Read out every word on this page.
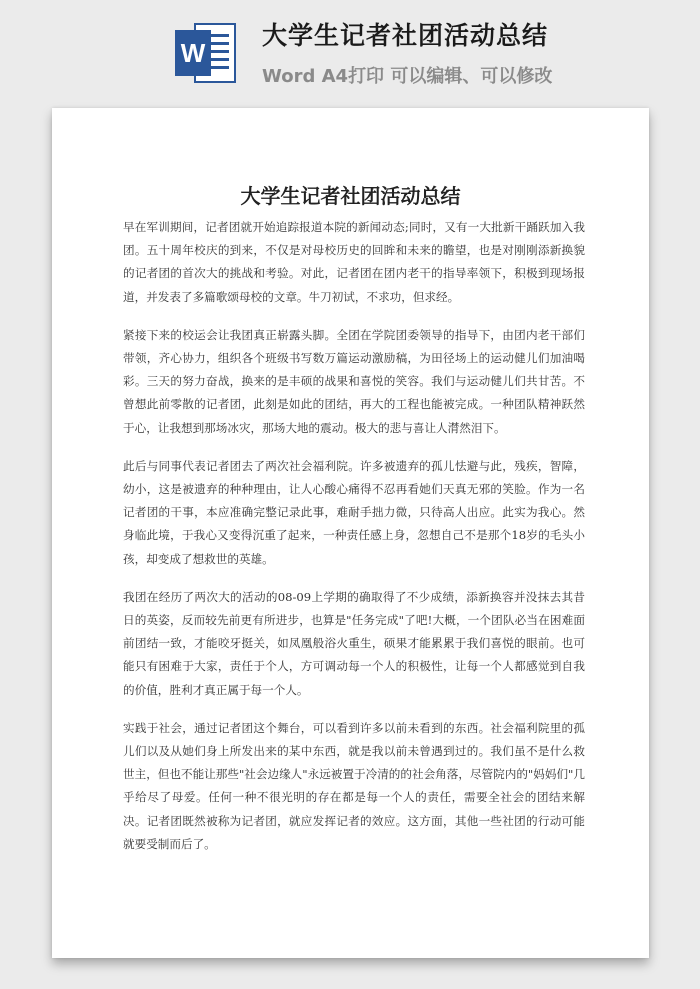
W
大学生记者社团活动总结
Word A4打印 可以编辑、可以修改
大学生记者社团活动总结

早在军训期间，记者团就开始追踪报道本院的新闻动态;同时，又有一大批新干踊跃加入我团。五十周年校庆的到来，不仅是对母校历史的回眸和未来的瞻望，也是对刚刚添新换貌的记者团的首次大的挑战和考验。对此，记者团在团内老干的指导率领下，积极到现场报道，并发表了多篇歌颂母校的文章。牛刀初试，不求功，但求经。

紧接下来的校运会让我团真正崭露头脚。全团在学院团委领导的指导下，由团内老干部们带领，齐心协力，组织各个班级书写数万篇运动激励稿，为田径场上的运动健儿们加油喝彩。三天的努力奋战，换来的是丰硕的战果和喜悦的笑容。我们与运动健儿们共甘苦。不曾想此前零散的记者团，此刻是如此的团结，再大的工程也能被完成。一种团队精神跃然于心，让我想到那场冰灾，那场大地的震动。极大的悲与喜让人潸然泪下。

此后与同事代表记者团去了两次社会福利院。许多被遗弃的孤儿怯避与此，残疾，智障，幼小，这是被遗弃的种种理由，让人心酸心痛得不忍再看她们天真无邪的笑脸。作为一名记者团的干事，本应准确完整记录此事，难耐手拙力微，只待高人出应。此实为我心。然身临此境，于我心又变得沉重了起来，一种责任感上身，忽想自己不是那个18岁的毛头小孩，却变成了想救世的英雄。

我团在经历了两次大的活动的08-09上学期的确取得了不少成绩，添新换容并没抹去其昔日的英姿，反而较先前更有所进步，也算是"任务完成"了吧!大概，一个团队必当在困难面前团结一致，才能咬牙挺关，如凤凰般浴火重生，硕果才能累累于我们喜悦的眼前。也可能只有困难于大家，责任于个人，方可调动每一个人的积极性，让每一个人都感觉到自我的价值，胜利才真正属于每一个人。

实践于社会，通过记者团这个舞台，可以看到许多以前未看到的东西。社会福利院里的孤儿们以及从她们身上所发出来的某中东西，就是我以前未曾遇到过的。我们虽不是什么救世主，但也不能让那些"社会边缘人"永远被置于冷清的的社会角落，尽管院内的"妈妈们"几乎给尽了母爱。任何一种不很光明的存在都是每一个人的责任，需要全社会的团结来解决。记者团既然被称为记者团，就应发挥记者的效应。这方面，其他一些社团的行动可能就要受制而后了。
